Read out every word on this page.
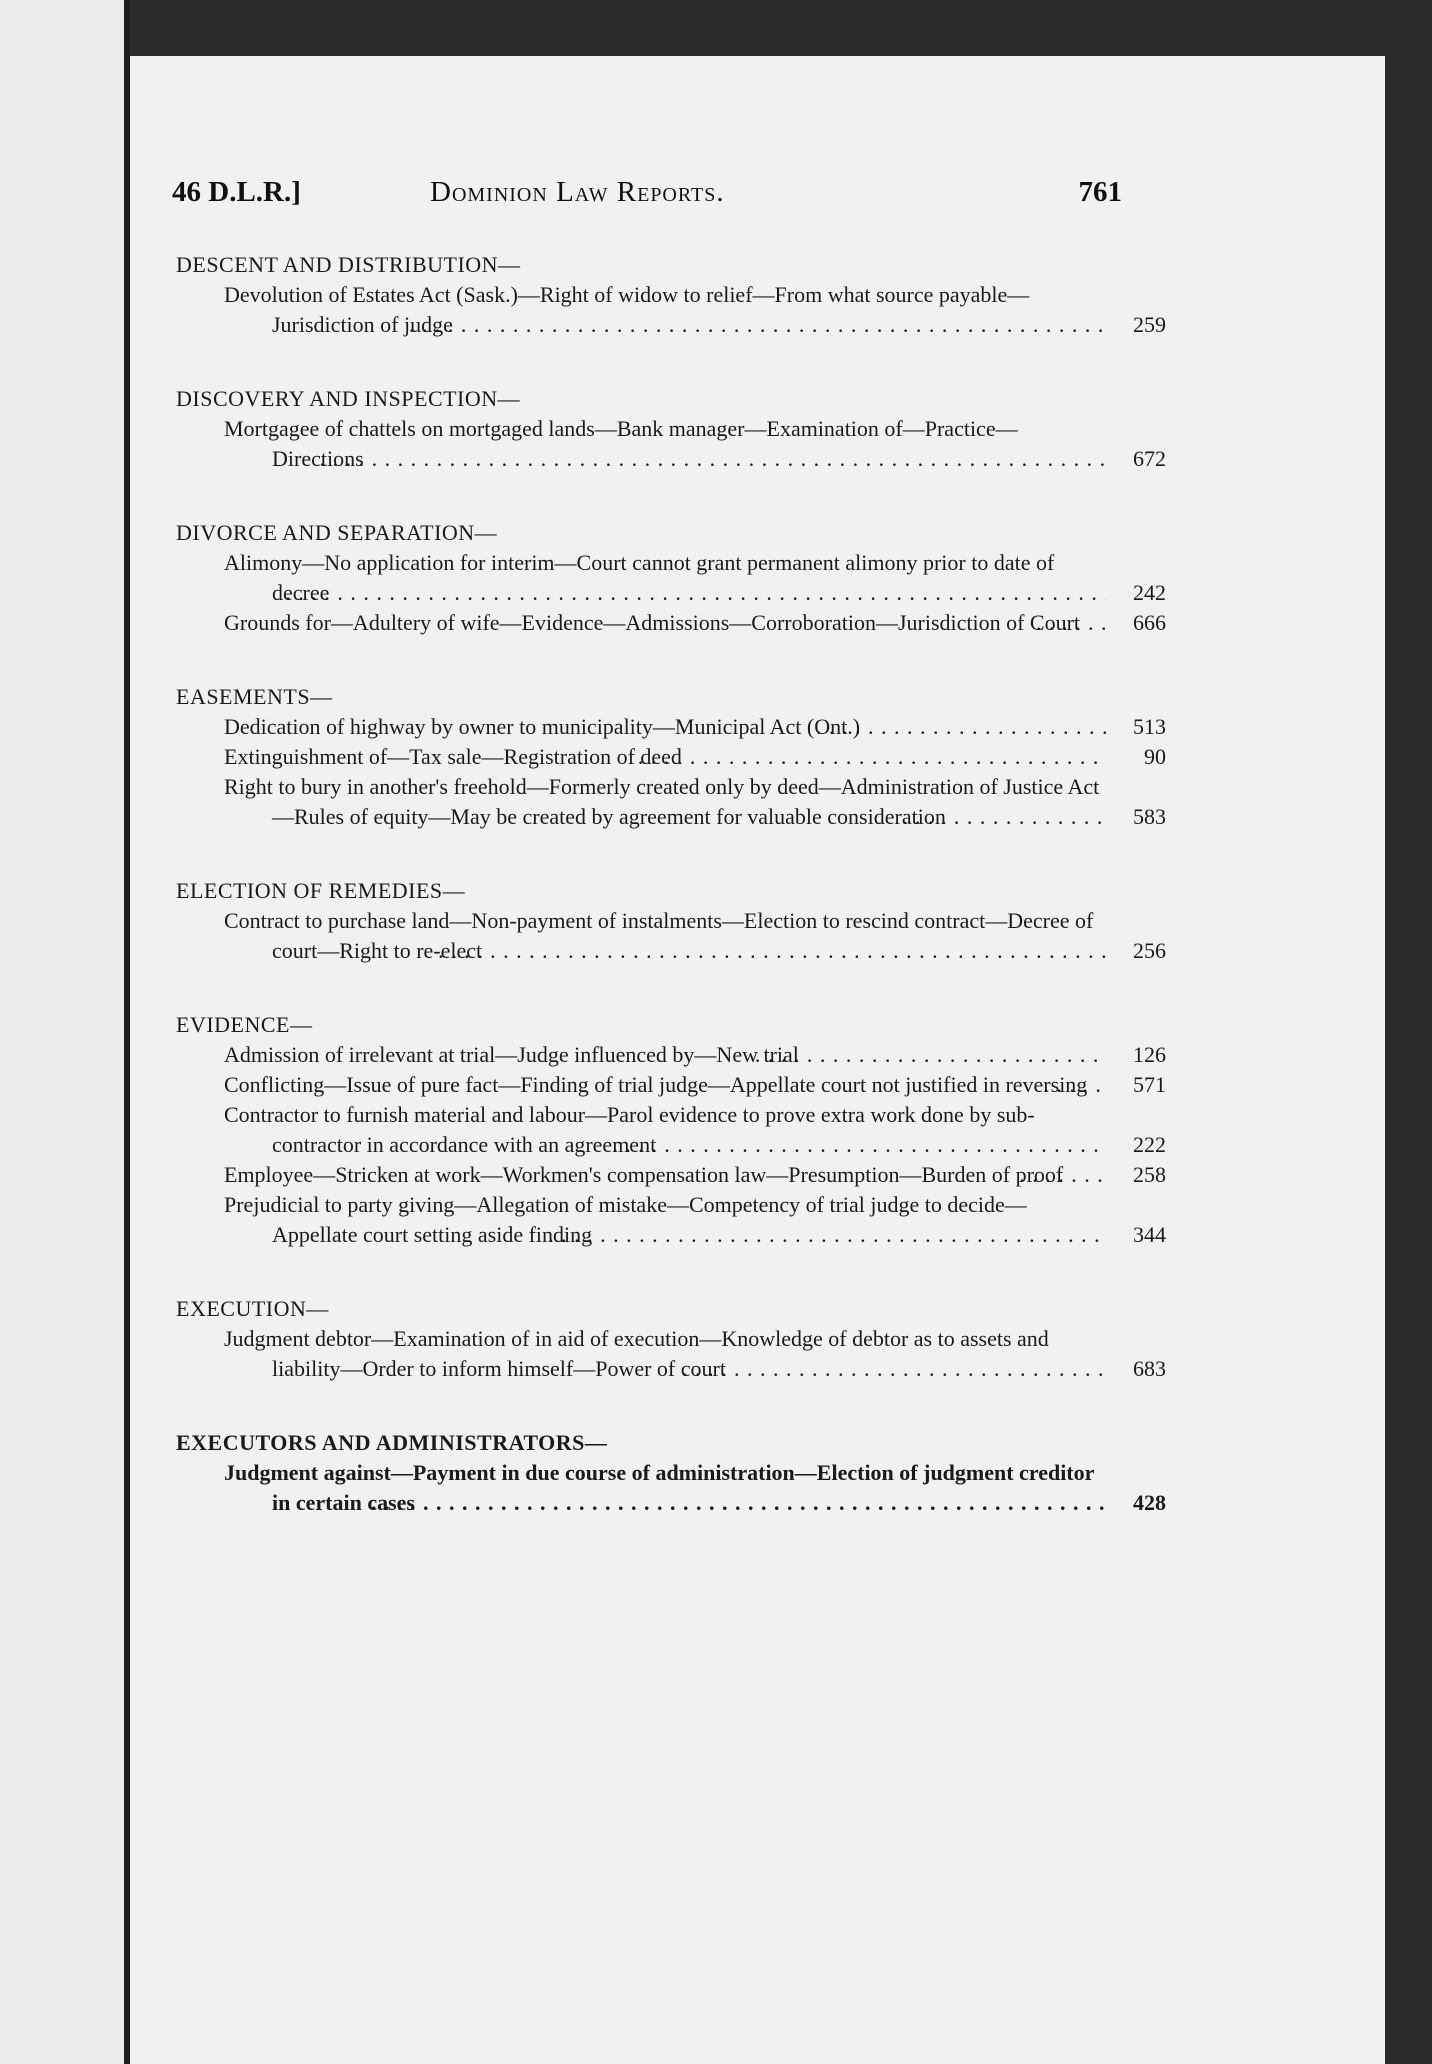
46 D.L.R.]	Dominion Law Reports.	761
DESCENT AND DISTRIBUTION—
Devolution of Estates Act (Sask.)—Right of widow to relief—From what source payable—Jurisdiction of judge	259
DISCOVERY AND INSPECTION—
Mortgagee of chattels on mortgaged lands—Bank manager—Examination of—Practice—Directions	672
DIVORCE AND SEPARATION—
Alimony—No application for interim—Court cannot grant permanent alimony prior to date of decree	242
Grounds for—Adultery of wife—Evidence—Admissions—Corroboration—Jurisdiction of Court	666
EASEMENTS—
Dedication of highway by owner to municipality—Municipal Act (Ont.)	513
Extinguishment of—Tax sale—Registration of deed	90
Right to bury in another's freehold—Formerly created only by deed—Administration of Justice Act—Rules of equity—May be created by agreement for valuable consideration	583
ELECTION OF REMEDIES—
Contract to purchase land—Non-payment of instalments—Election to rescind contract—Decree of court—Right to re-elect	256
EVIDENCE—
Admission of irrelevant at trial—Judge influenced by—New trial	126
Conflicting—Issue of pure fact—Finding of trial judge—Appellate court not justified in reversing	571
Contractor to furnish material and labour—Parol evidence to prove extra work done by sub-contractor in accordance with an agreement	222
Employee—Stricken at work—Workmen's compensation law—Presumption—Burden of proof	258
Prejudicial to party giving—Allegation of mistake—Competency of trial judge to decide—Appellate court setting aside finding	344
EXECUTION—
Judgment debtor—Examination of in aid of execution—Knowledge of debtor as to assets and liability—Order to inform himself—Power of court	683
EXECUTORS AND ADMINISTRATORS—
Judgment against—Payment in due course of administration—Election of judgment creditor in certain cases	428
